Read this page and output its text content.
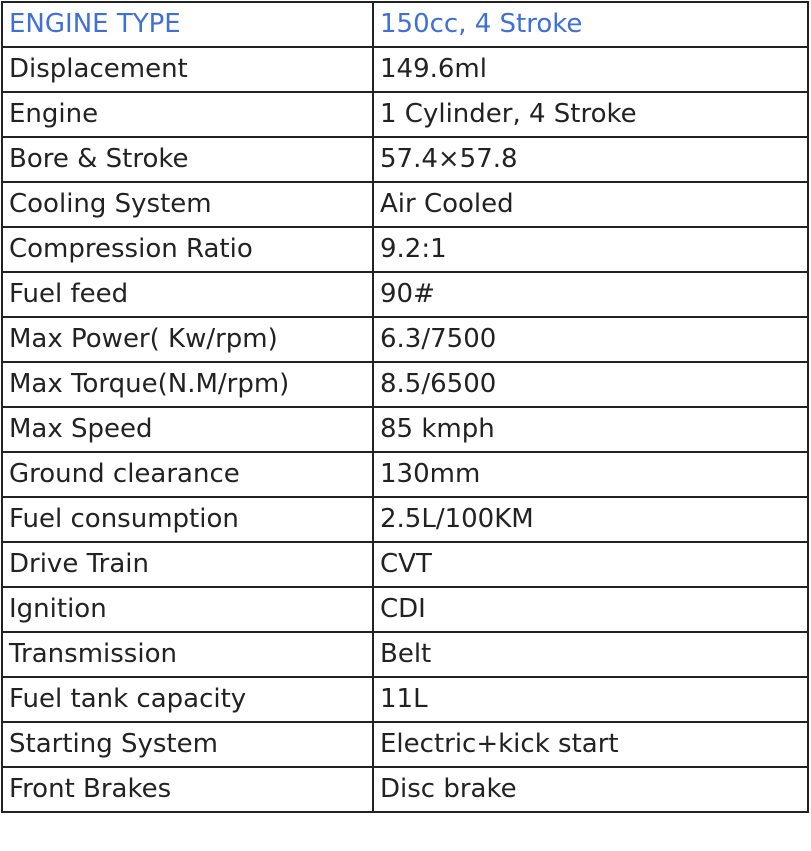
ENGINE TYPE	150cc, 4 Stroke
Displacement	149.6ml
Engine	1 Cylinder, 4 Stroke
Bore & Stroke	57.4×57.8
Cooling System	Air Cooled
Compression Ratio	9.2:1
Fuel feed	90#
Max Power( Kw/rpm)	6.3/7500
Max Torque(N.M/rpm)	8.5/6500
Max Speed	85 kmph
Ground clearance	130mm
Fuel consumption	2.5L/100KM
Drive Train	CVT
Ignition	CDI
Transmission	Belt
Fuel tank capacity	11L
Starting System	Electric+kick start
Front Brakes	Disc brake
